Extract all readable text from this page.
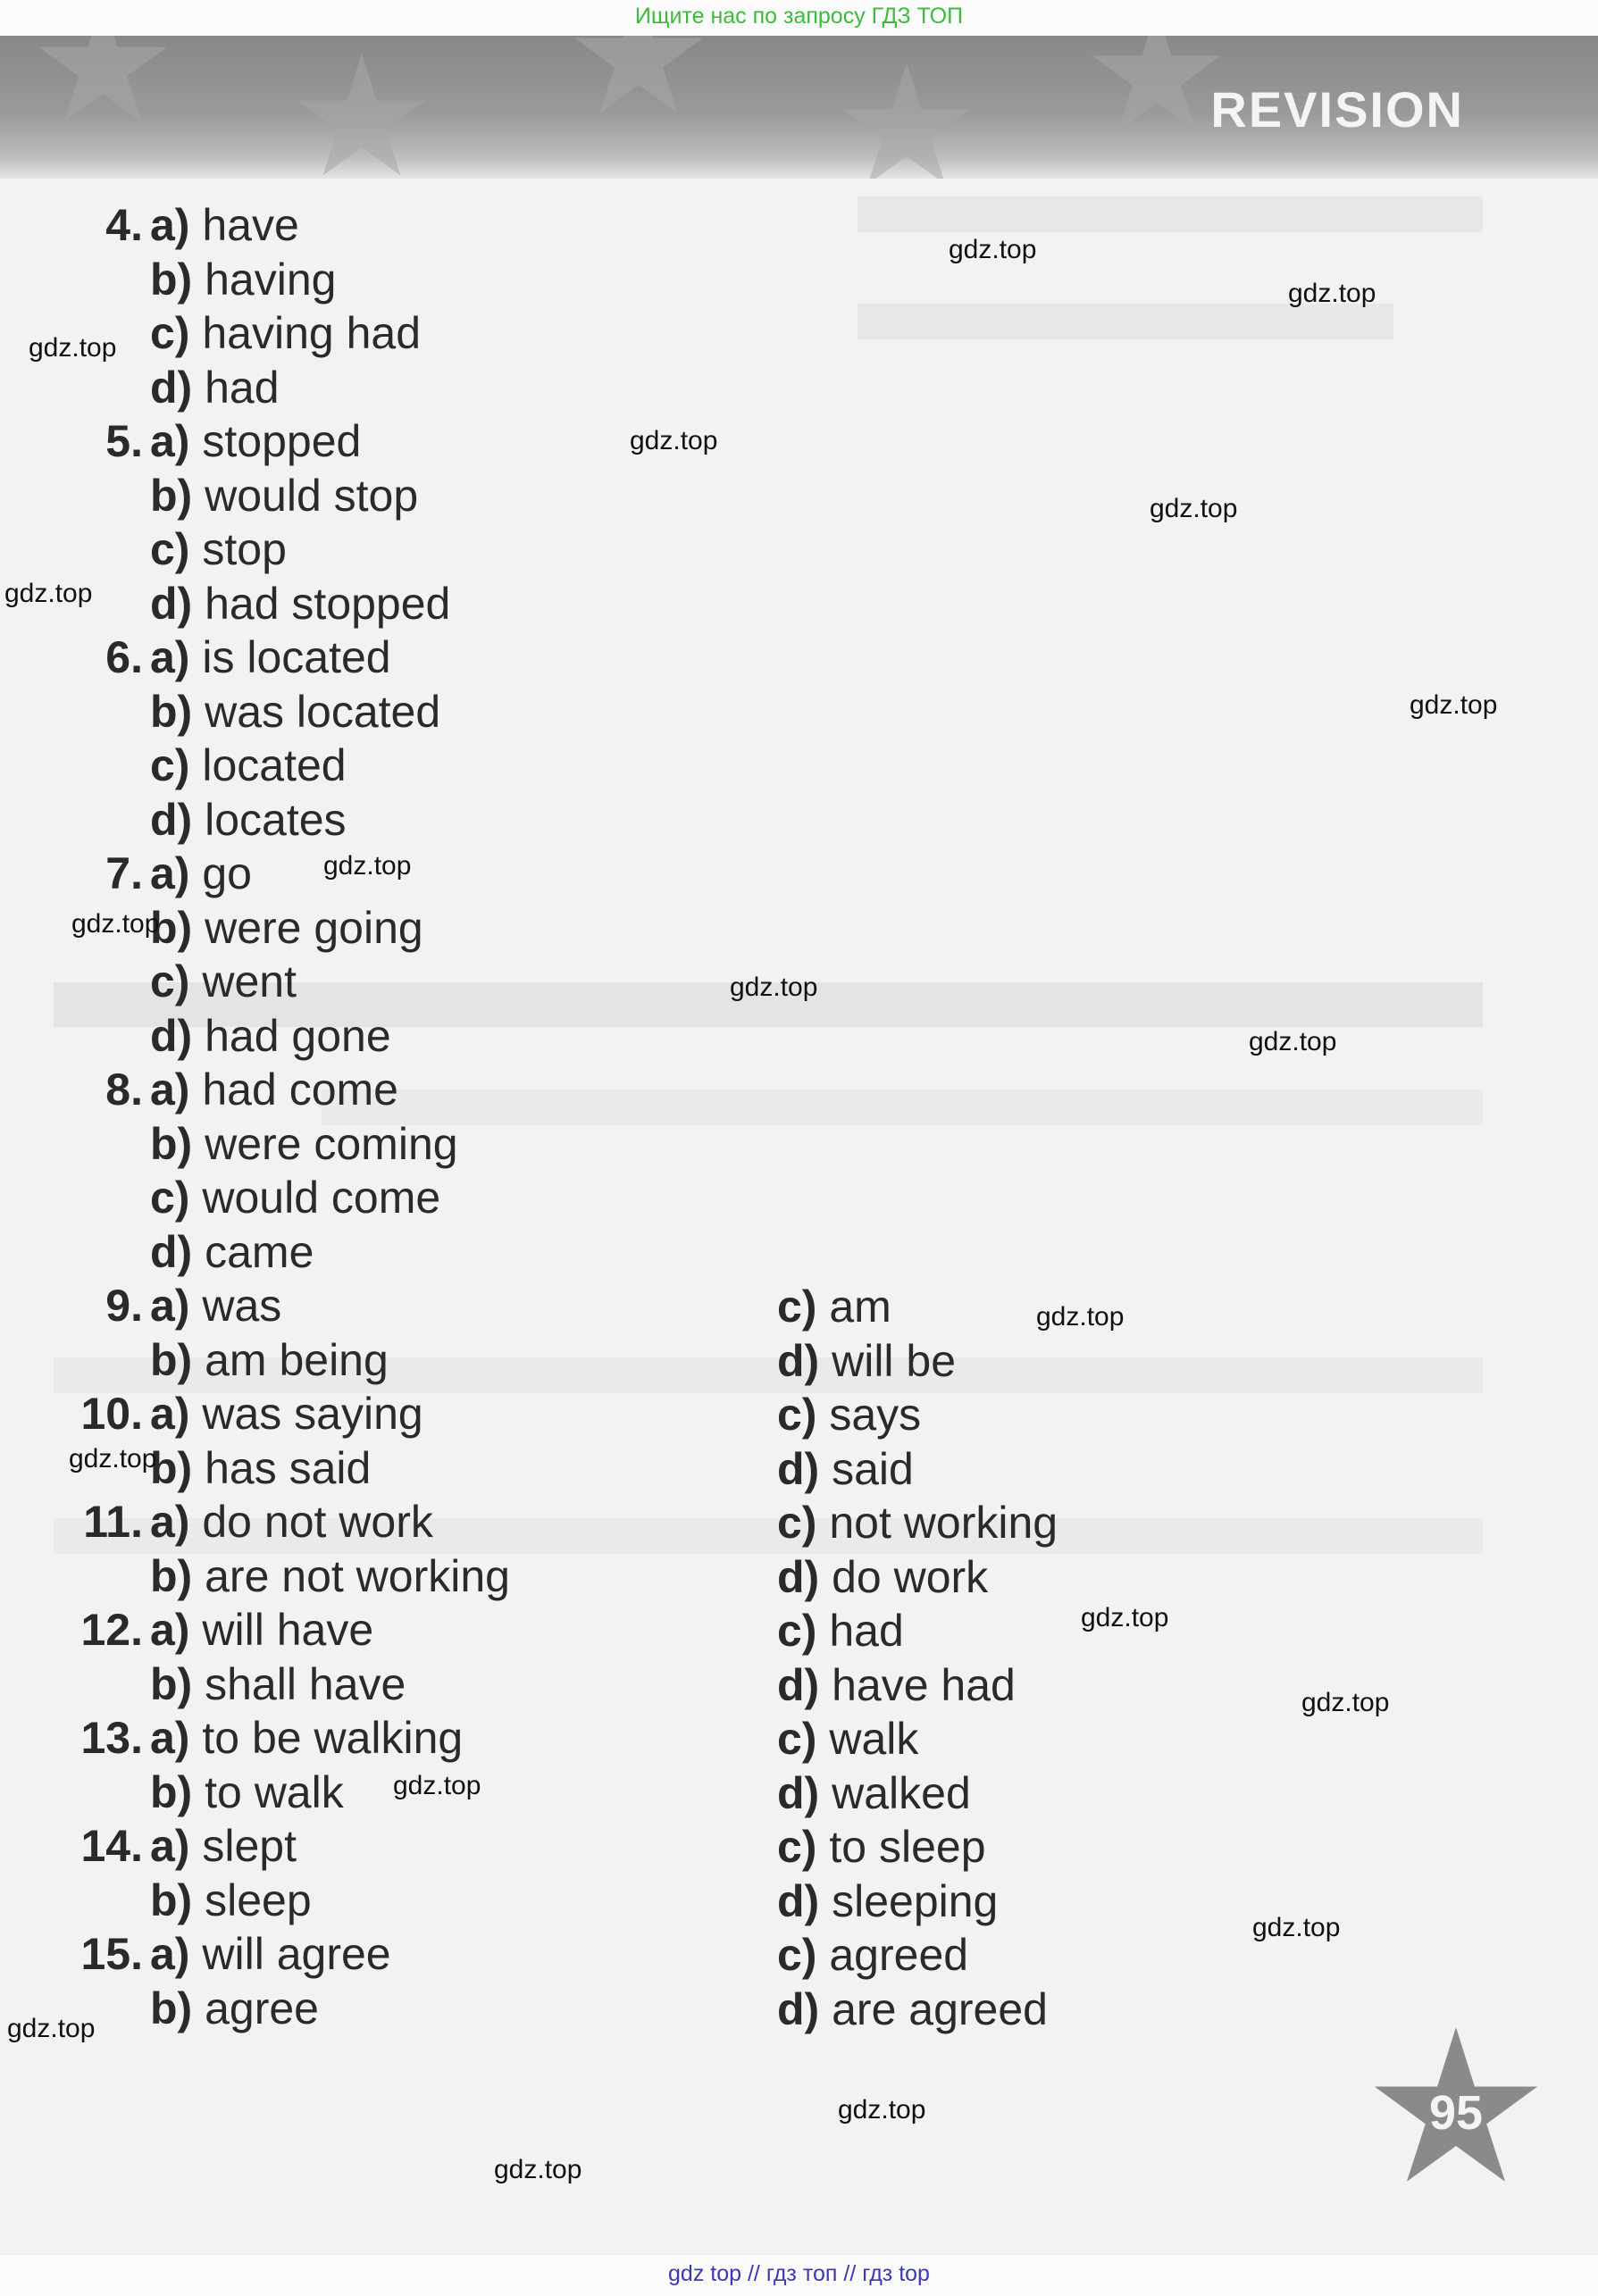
Ищите нас по запросу ГДЗ ТОП
REVISION
4. a) have
b) having
c) having had
d) had
5. a) stopped
b) would stop
c) stop
d) had stopped
6. a) is located
b) was located
c) located
d) locates
7. a) go
b) were going
c) went
d) had gone
8. a) had come
b) were coming
c) would come
d) came
9. a) was
b) am being
10. a) was saying
b) has said
11. a) do not work
b) are not working
12. a) will have
b) shall have
13. a) to be walking
b) to walk
14. a) slept
b) sleep
15. a) will agree
b) agree
c) am
d) will be
c) says
d) said
c) not working
d) do work
c) had
d) have had
c) walk
d) walked
c) to sleep
d) sleeping
c) agreed
d) are agreed
95
gdz.top
gdz.top
gdz.top
gdz.top
gdz.top
gdz.top
gdz.top
gdz.top
gdz.top
gdz.top
gdz.top
gdz.top
gdz.top
gdz.top
gdz.top
gdz.top
gdz.top
gdz.top
gdz.top
gdz.top
gdz top // гдз топ // гдз top
